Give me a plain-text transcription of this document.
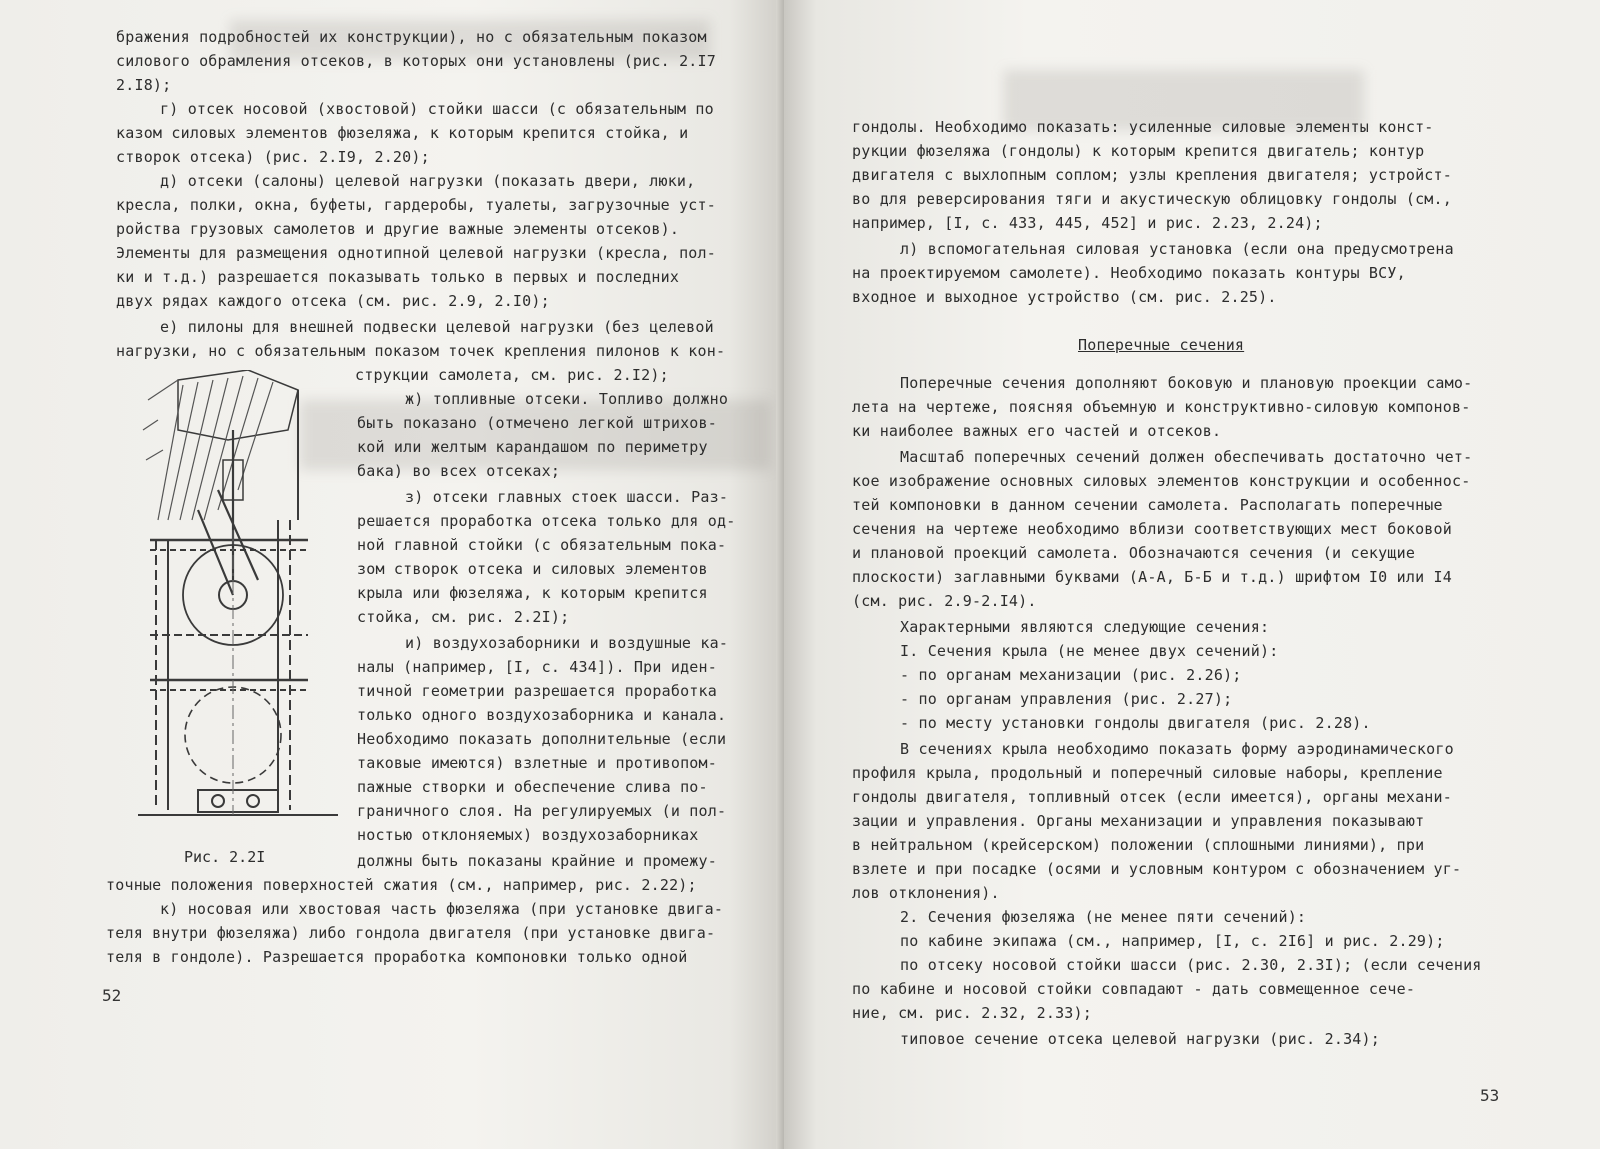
бражения подробностей их конструкции), но с обязательным показом
силового обрамления отсеков, в которых они установлены (рис. 2.I7
2.I8);
г) отсек носовой (хвостовой) стойки шасси (с обязательным по
казом силовых элементов фюзеляжа, к которым крепится стойка, и
створок отсека) (рис. 2.I9, 2.20);
д) отсеки (салоны) целевой нагрузки (показать двери, люки,
кресла, полки, окна, буфеты, гардеробы, туалеты, загрузочные уст-
ройства грузовых самолетов и другие важные элементы отсеков).
Элементы для размещения однотипной целевой нагрузки (кресла, пол-
ки и т.д.) разрешается показывать только в первых и последних
двух рядах каждого отсека (см. рис. 2.9, 2.I0);
е) пилоны для внешней подвески целевой нагрузки (без целевой
нагрузки, но с обязательным показом точек крепления пилонов к кон-
струкции самолета, см. рис. 2.I2);
ж) топливные отсеки. Топливо должно
быть показано (отмечено легкой штрихов-
кой или желтым карандашом по периметру
бака) во всех отсеках;
з) отсеки главных стоек шасси. Раз-
решается проработка отсека только для од-
ной главной стойки (с обязательным пока-
зом створок отсека и силовых элементов
крыла или фюзеляжа, к которым крепится
стойка, см. рис. 2.2I);
и) воздухозаборники и воздушные ка-
налы (например, [I, с. 434]). При иден-
тичной геометрии разрешается проработка
только одного воздухозаборника и канала.
Необходимо показать дополнительные (если
таковые имеются) взлетные и противопом-
пажные створки и обеспечение слива по-
граничного слоя. На регулируемых (и пол-
ностью отклоняемых) воздухозаборниках
должны быть показаны крайние и промежу-
точные положения поверхностей сжатия (см., например, рис. 2.22);
к) носовая или хвостовая часть фюзеляжа (при установке двига-
теля внутри фюзеляжа) либо гондола двигателя (при установке двига-
теля в гондоле). Разрешается проработка компоновки только одной
Рис. 2.2I
52
гондолы. Необходимо показать: усиленные силовые элементы конст-
рукции фюзеляжа (гондолы) к которым крепится двигатель; контур
двигателя с выхлопным соплом; узлы крепления двигателя; устройст-
во для реверсирования тяги и акустическую облицовку гондолы (см.,
например, [I, с. 433, 445, 452] и рис. 2.23, 2.24);
л) вспомогательная силовая установка (если она предусмотрена
на проектируемом самолете). Необходимо показать контуры ВСУ,
входное и выходное устройство (см. рис. 2.25).
Поперечные сечения
Поперечные сечения дополняют боковую и плановую проекции само-
лета на чертеже, поясняя объемную и конструктивно-силовую компонов-
ки наиболее важных его частей и отсеков.
Масштаб поперечных сечений должен обеспечивать достаточно чет-
кое изображение основных силовых элементов конструкции и особеннос-
тей компоновки в данном сечении самолета. Располагать поперечные
сечения на чертеже необходимо вблизи соответствующих мест боковой
и плановой проекций самолета. Обозначаются сечения (и секущие
плоскости) заглавными буквами (А-А, Б-Б и т.д.) шрифтом I0 или I4
(см. рис. 2.9-2.I4).
Характерными являются следующие сечения:
I. Сечения крыла (не менее двух сечений):
- по органам механизации (рис. 2.26);
- по органам управления (рис. 2.27);
- по месту установки гондолы двигателя (рис. 2.28).
В сечениях крыла необходимо показать форму аэродинамического
профиля крыла, продольный и поперечный силовые наборы, крепление
гондолы двигателя, топливный отсек (если имеется), органы механи-
зации и управления. Органы механизации и управления показывают
в нейтральном (крейсерском) положении (сплошными линиями), при
взлете и при посадке (осями и условным контуром с обозначением уг-
лов отклонения).
2. Сечения фюзеляжа (не менее пяти сечений):
по кабине экипажа (см., например, [I, с. 2I6] и рис. 2.29);
по отсеку носовой стойки шасси (рис. 2.30, 2.3I); (если сечения
по кабине и носовой стойки совпадают - дать совмещенное сече-
ние, см. рис. 2.32, 2.33);
типовое сечение отсека целевой нагрузки (рис. 2.34);
53
